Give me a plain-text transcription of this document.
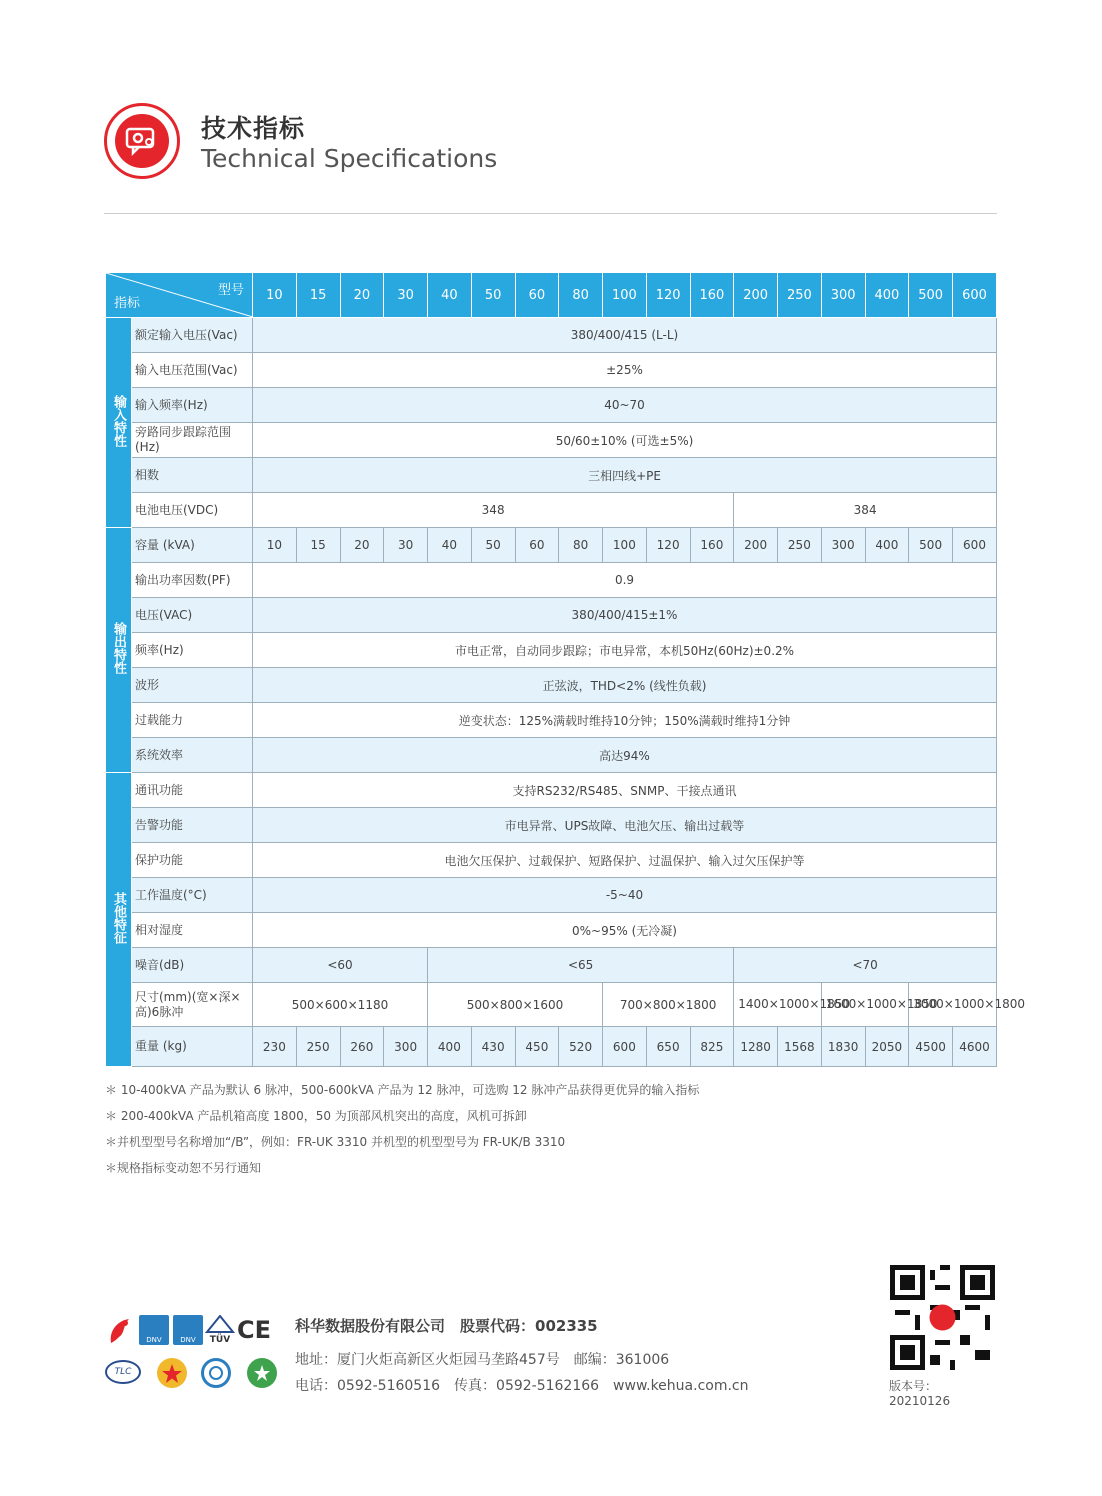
技术指标
Technical Specifications
型号
指标		10	15	20	30	40	50	60	80	100	120	160	200	250	300	400	500	600
输入特性	额定输入电压(Vac)	380/400/415 (L-L)																
	输入电压范围(Vac)	±25%																
	输入频率(Hz)	40~70																
	旁路同步跟踪范围(Hz)	50/60±10% (可选±5%)																
	相数	三相四线+PE																
	电池电压(VDC)	348											384					
输出特性	容量 (kVA)	10	15	20	30	40	50	60	80	100	120	160	200	250	300	400	500	600
	输出功率因数(PF)	0.9																
	电压(VAC)	380/400/415±1%																
	频率(Hz)	市电正常，自动同步跟踪；市电异常，本机50Hz(60Hz)±0.2%																
	波形	正弦波，THD<2% (线性负载)																
	过载能力	逆变状态：125%满载时维持10分钟；150%满载时维持1分钟																
	系统效率	高达94%																
其他特征	通讯功能	支持RS232/RS485、SNMP、干接点通讯																
	告警功能	市电异常、UPS故障、电池欠压、输出过载等																
	保护功能	电池欠压保护、过载保护、短路保护、过温保护、输入过欠压保护等																
	工作温度(°C)	-5~40																
	相对湿度	0%~95% (无冷凝)																
	噪音(dB)	<60				<65							<70					
	尺寸(mm)(宽×深×高)6脉冲	500×600×1180				500×800×1600				700×800×1800			1400×1000×1850		1600×1000×1850		3000×1000×1800	
	重量 (kg)	230	250	260	300	400	430	450	520	600	650	825	1280	1568	1830	2050	4500	4600
＊ 10-400kVA 产品为默认 6 脉冲，500-600kVA 产品为 12 脉冲，可选购 12 脉冲产品获得更优异的输入指标
＊ 200-400kVA 产品机箱高度 1800，50 为顶部风机突出的高度，风机可拆卸
＊并机型型号名称增加“/B”，例如：FR-UK 3310 并机型的机型型号为 FR-UK/B 3310
＊规格指标变动恕不另行通知
DNV	DNV	TÜV CE
TLC
科华数据股份有限公司　股票代码：002335
地址：厦门火炬高新区火炬园马垄路457号　邮编：361006
电话：0592-5160516　传真：0592-5162166　www.kehua.com.cn	版本号：20210126
